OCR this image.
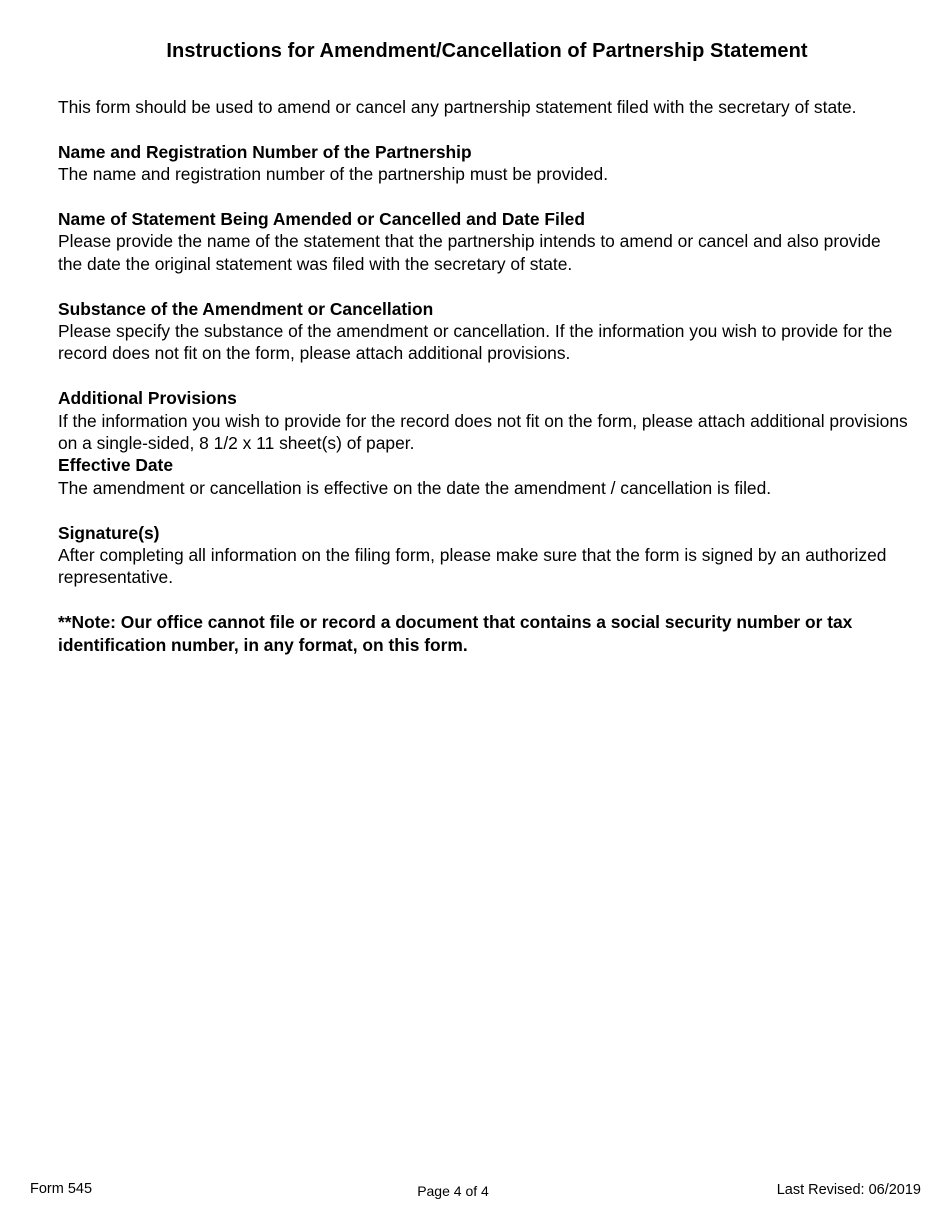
Instructions for Amendment/Cancellation of Partnership Statement

This form should be used to amend or cancel any partnership statement filed with the secretary of state.

Name and Registration Number of the Partnership

The name and registration number of the partnership must be provided.

Name of Statement Being Amended or Cancelled and Date Filed

Please provide the name of the statement that the partnership intends to amend or cancel and also provide the date the original statement was filed with the secretary of state.

Substance of the Amendment or Cancellation

Please specify the substance of the amendment or cancellation. If the information you wish to provide for the record does not fit on the form, please attach additional provisions.

Additional Provisions

If the information you wish to provide for the record does not fit on the form, please attach additional provisions on a single-sided, 8 1/2 x 11 sheet(s) of paper.

Effective Date

The amendment or cancellation is effective on the date the amendment / cancellation is filed.

Signature(s)

After completing all information on the filing form, please make sure that the form is signed by an authorized representative.

**Note: Our office cannot file or record a document that contains a social security number or tax identification number, in any format, on this form.

Form 545	Page 4 of 4	Last Revised: 06/2019
